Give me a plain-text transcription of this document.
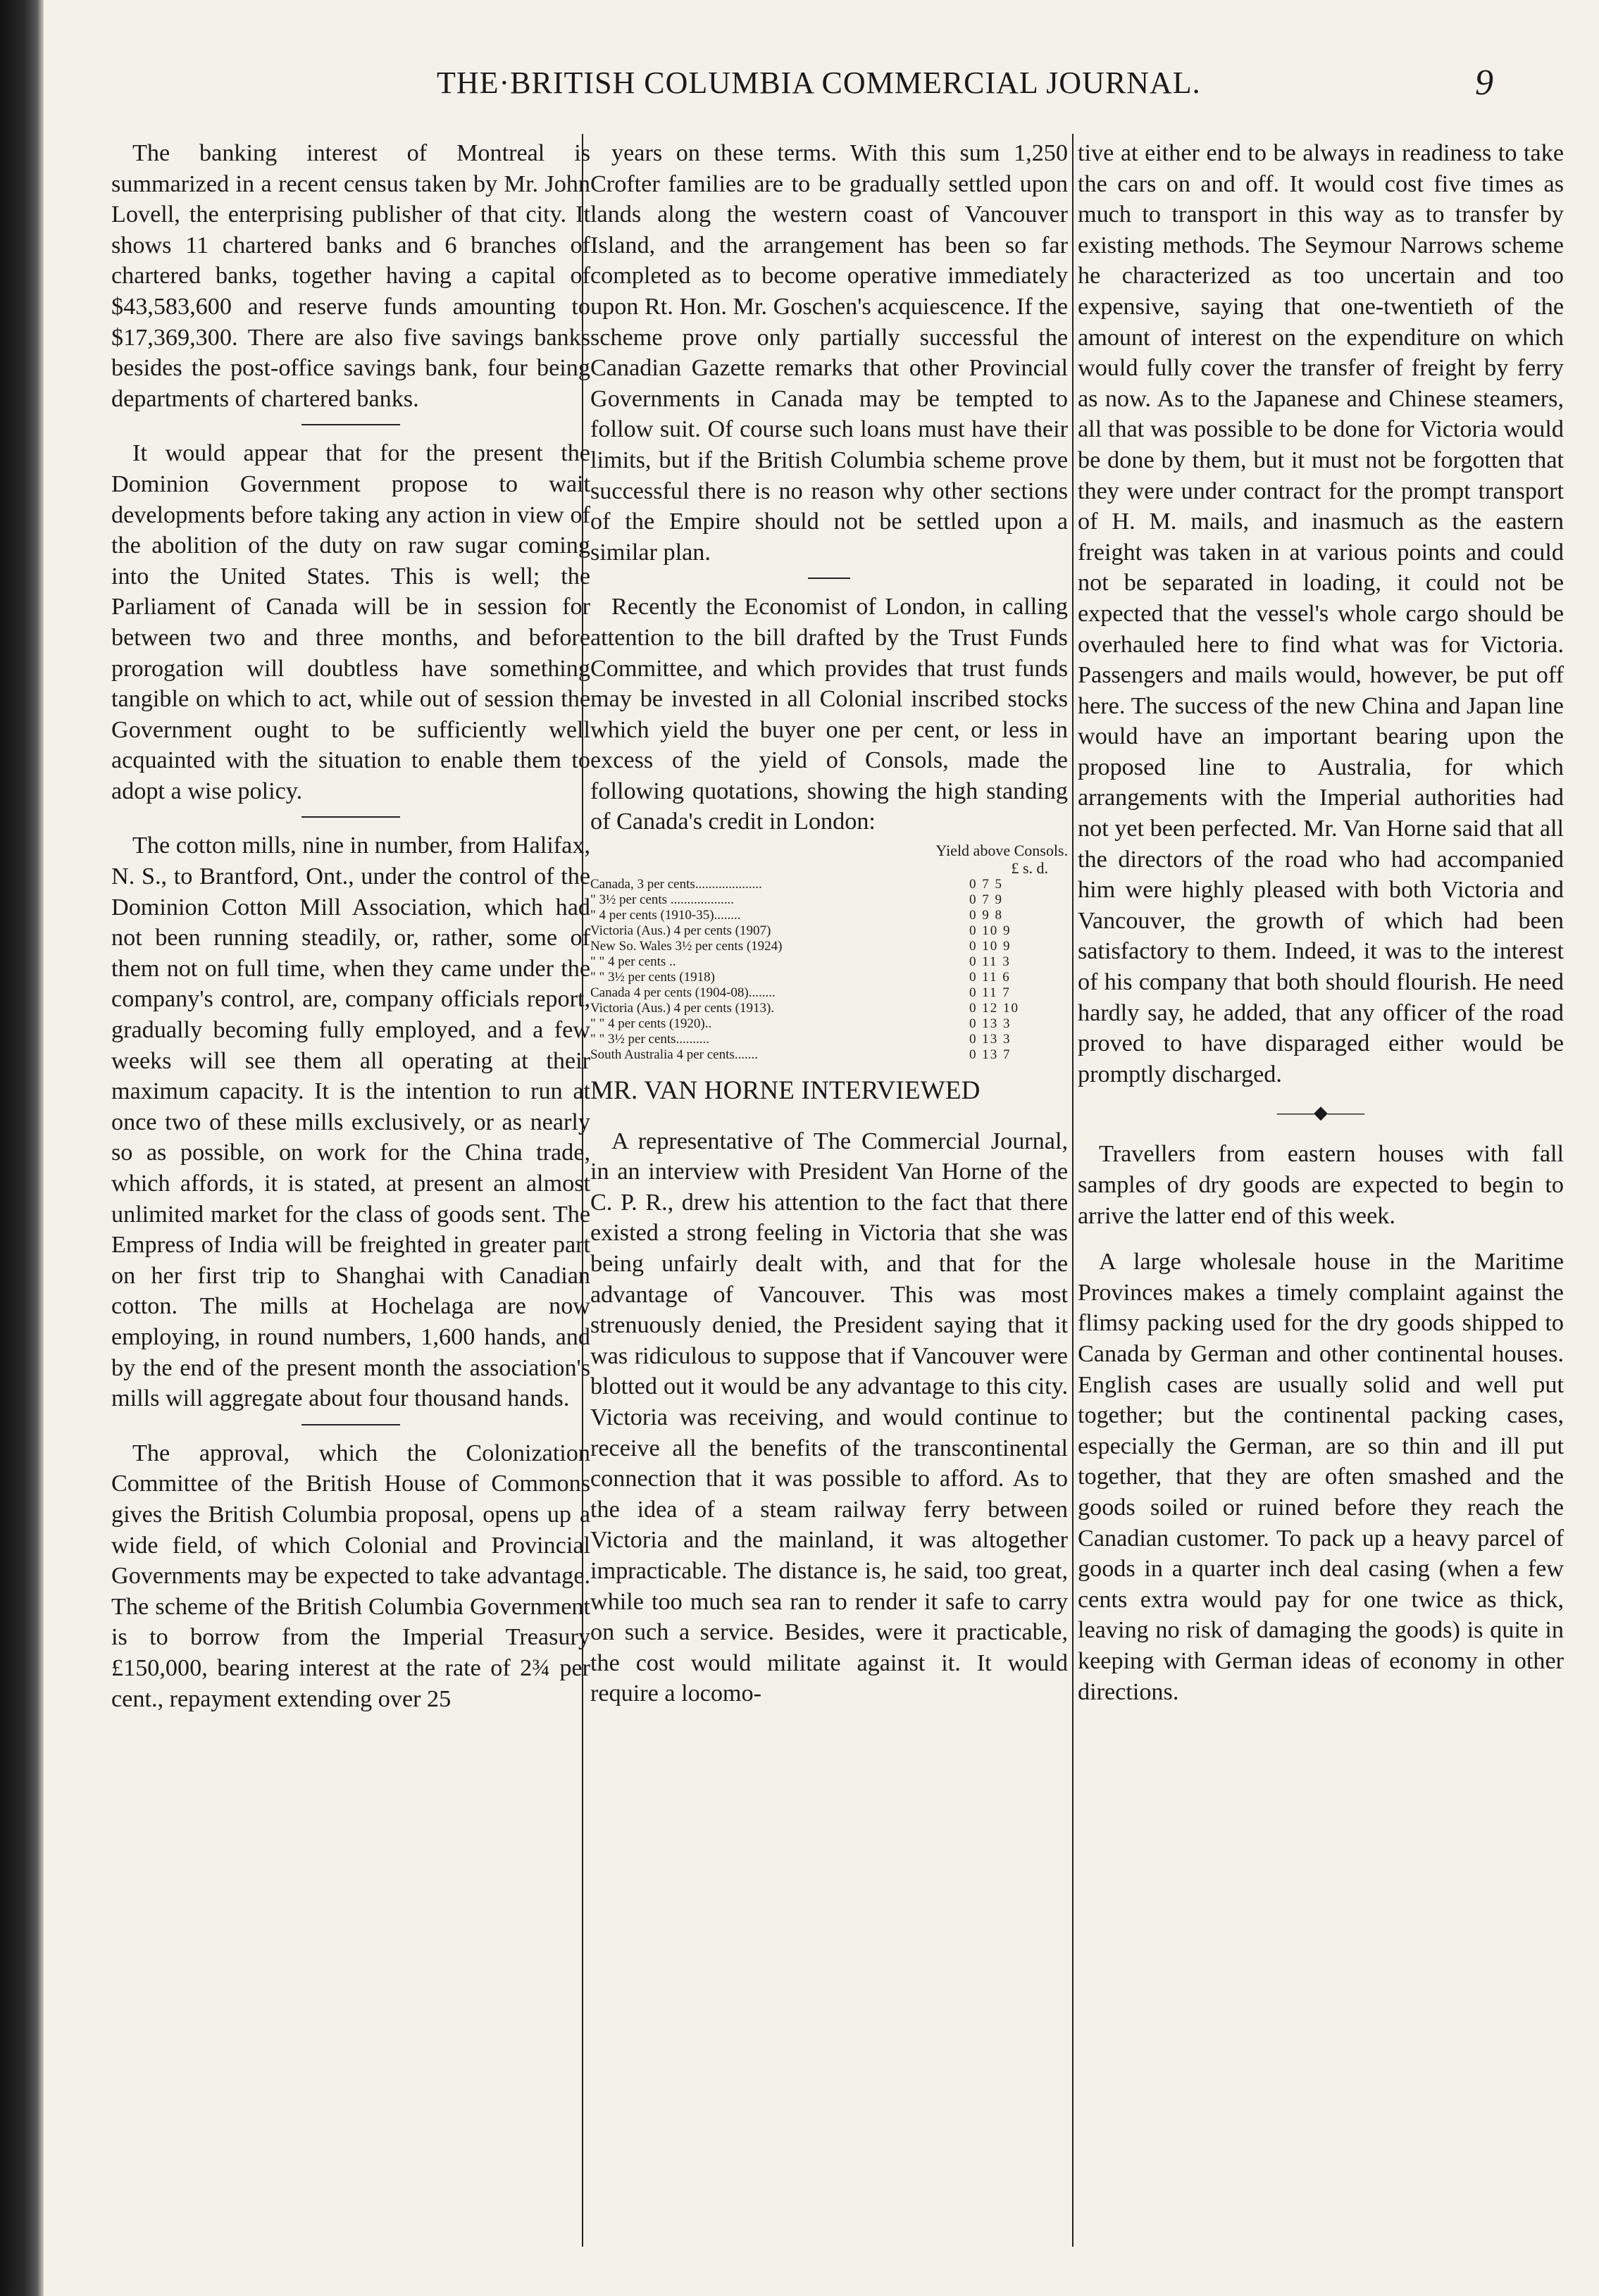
THE·BRITISH COLUMBIA COMMERCIAL JOURNAL.	9

The banking interest of Montreal is summarized in a recent census taken by Mr. John Lovell, the enterprising publisher of that city. It shows 11 chartered banks and 6 branches of chartered banks, together having a capital of $43,583,600 and reserve funds amounting to $17,369,300. There are also five savings banks besides the post-office savings bank, four being departments of chartered banks.

It would appear that for the present the Dominion Government propose to wait developments before taking any action in view of the abolition of the duty on raw sugar coming into the United States. This is well; the Parliament of Canada will be in session for between two and three months, and before prorogation will doubtless have something tangible on which to act, while out of session the Government ought to be sufficiently well acquainted with the situation to enable them to adopt a wise policy.

The cotton mills, nine in number, from Halifax, N. S., to Brantford, Ont., under the control of the Dominion Cotton Mill Association, which had not been running steadily, or, rather, some of them not on full time, when they came under the company's control, are, company officials report, gradually becoming fully employed, and a few weeks will see them all operating at their maximum capacity. It is the intention to run at once two of these mills exclusively, or as nearly so as possible, on work for the China trade, which affords, it is stated, at present an almost unlimited market for the class of goods sent. The Empress of India will be freighted in greater part on her first trip to Shanghai with Canadian cotton. The mills at Hochelaga are now employing, in round numbers, 1,600 hands, and by the end of the present month the association's mills will aggregate about four thousand hands.

The approval, which the Colonization Committee of the British House of Commons gives the British Columbia proposal, opens up a wide field, of which Colonial and Provincial Governments may be expected to take advantage. The scheme of the British Columbia Government is to borrow from the Imperial Treasury £150,000, bearing interest at the rate of 2¾ per cent., repayment extending over 25

years on these terms. With this sum 1,250 Crofter families are to be gradually settled upon lands along the western coast of Vancouver Island, and the arrangement has been so far completed as to become operative immediately upon Rt. Hon. Mr. Goschen's acquiescence. If the scheme prove only partially successful the Canadian Gazette remarks that other Provincial Governments in Canada may be tempted to follow suit. Of course such loans must have their limits, but if the British Columbia scheme prove successful there is no reason why other sections of the Empire should not be settled upon a similar plan.

Recently the Economist of London, in calling attention to the bill drafted by the Trust Funds Committee, and which provides that trust funds may be invested in all Colonial inscribed stocks which yield the buyer one per cent, or less in excess of the yield of Consols, made the following quotations, showing the high standing of Canada's credit in London:

Yield above Consols.
£ s. d.
Canada, 3 per cents....................	0 7 5
" 3½ per cents ...................	0 7 9
" 4 per cents (1910-35)........	0 9 8
Victoria (Aus.) 4 per cents (1907)	0 10 9
New So. Wales 3½ per cents (1924)	0 10 9
" " 4 per cents ..	0 11 3
" " 3½ per cents (1918)	0 11 6
Canada 4 per cents (1904-08)........	0 11 7
Victoria (Aus.) 4 per cents (1913).	0 12 10
" " 4 per cents (1920)..	0 13 3
" " 3½ per cents..........	0 13 3
South Australia 4 per cents.......	0 13 7
MR. VAN HORNE INTERVIEWED

A representative of The Commercial Journal, in an interview with President Van Horne of the C. P. R., drew his attention to the fact that there existed a strong feeling in Victoria that she was being unfairly dealt with, and that for the advantage of Vancouver. This was most strenuously denied, the President saying that it was ridiculous to suppose that if Vancouver were blotted out it would be any advantage to this city. Victoria was receiving, and would continue to receive all the benefits of the transcontinental connection that it was possible to afford. As to the idea of a steam railway ferry between Victoria and the mainland, it was altogether impracticable. The distance is, he said, too great, while too much sea ran to render it safe to carry on such a service. Besides, were it practicable, the cost would militate against it. It would require a locomo-

tive at either end to be always in readiness to take the cars on and off. It would cost five times as much to transport in this way as to transfer by existing methods. The Seymour Narrows scheme he characterized as too uncertain and too expensive, saying that one-twentieth of the amount of interest on the expenditure on which would fully cover the transfer of freight by ferry as now. As to the Japanese and Chinese steamers, all that was possible to be done for Victoria would be done by them, but it must not be forgotten that they were under contract for the prompt transport of H. M. mails, and inasmuch as the eastern freight was taken in at various points and could not be separated in loading, it could not be expected that the vessel's whole cargo should be overhauled here to find what was for Victoria. Passengers and mails would, however, be put off here. The success of the new China and Japan line would have an important bearing upon the proposed line to Australia, for which arrangements with the Imperial authorities had not yet been perfected. Mr. Van Horne said that all the directors of the road who had accompanied him were highly pleased with both Victoria and Vancouver, the growth of which had been satisfactory to them. Indeed, it was to the interest of his company that both should flourish. He need hardly say, he added, that any officer of the road proved to have disparaged either would be promptly discharged.

——◆——

Travellers from eastern houses with fall samples of dry goods are expected to begin to arrive the latter end of this week.

A large wholesale house in the Maritime Provinces makes a timely complaint against the flimsy packing used for the dry goods shipped to Canada by German and other continental houses. English cases are usually solid and well put together; but the continental packing cases, especially the German, are so thin and ill put together, that they are often smashed and the goods soiled or ruined before they reach the Canadian customer. To pack up a heavy parcel of goods in a quarter inch deal casing (when a few cents extra would pay for one twice as thick, leaving no risk of damaging the goods) is quite in keeping with German ideas of economy in other directions.
